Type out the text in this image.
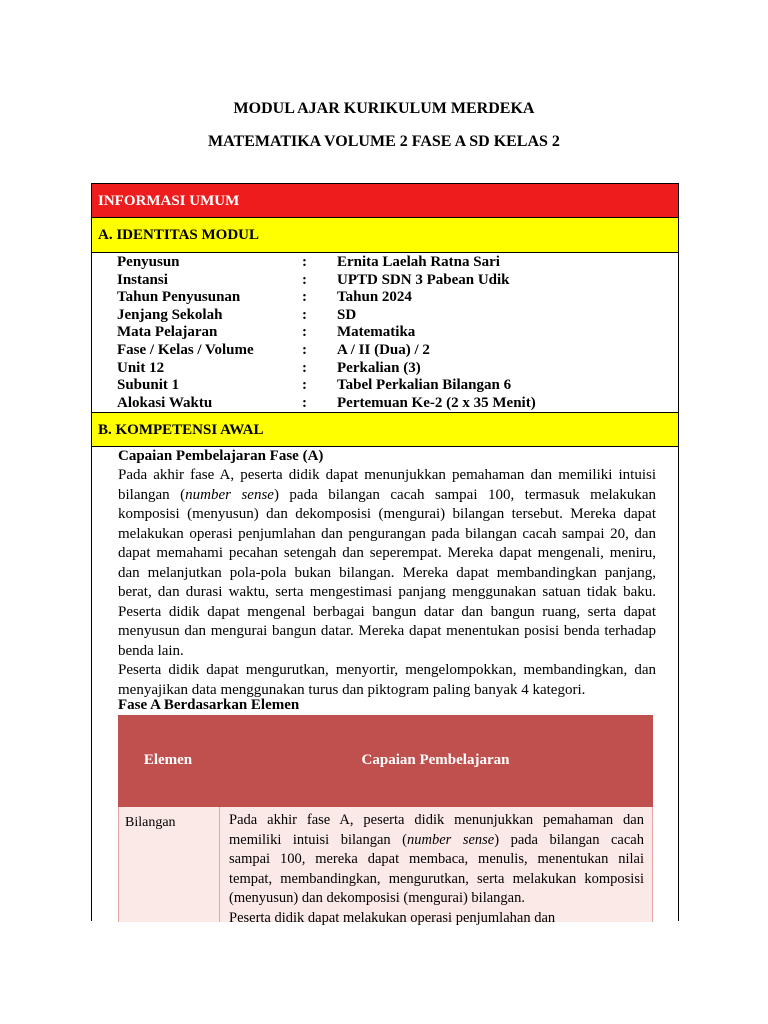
MODUL AJAR KURIKULUM MERDEKA
MATEMATIKA VOLUME 2 FASE A SD KELAS 2
INFORMASI UMUM
A. IDENTITAS MODUL
Penyusun	: Ernita Laelah Ratna Sari
Instansi	: UPTD SDN 3 Pabean Udik
Tahun Penyusunan	: Tahun 2024
Jenjang Sekolah	: SD
Mata Pelajaran	: Matematika
Fase / Kelas / Volume	: A / II (Dua) / 2
Unit 12	: Perkalian (3)
Subunit 1	: Tabel Perkalian Bilangan 6
Alokasi Waktu	: Pertemuan Ke-2 (2 x 35 Menit)
B. KOMPETENSI AWAL
Capaian Pembelajaran Fase (A)
Pada akhir fase A, peserta didik dapat menunjukkan pemahaman dan memiliki intuisi
bilangan (number sense) pada bilangan cacah sampai 100, termasuk melakukan
komposisi (menyusun) dan dekomposisi (mengurai) bilangan tersebut. Mereka dapat
melakukan operasi penjumlahan dan pengurangan pada bilangan cacah sampai 20, dan
dapat memahami pecahan setengah dan seperempat. Mereka dapat mengenali, meniru,
dan melanjutkan pola-pola bukan bilangan. Mereka dapat membandingkan panjang,
berat, dan durasi waktu, serta mengestimasi panjang menggunakan satuan tidak baku.
Peserta didik dapat mengenal berbagai bangun datar dan bangun ruang, serta dapat
menyusun dan mengurai bangun datar. Mereka dapat menentukan posisi benda terhadap
benda lain.
Peserta didik dapat mengurutkan, menyortir, mengelompokkan, membandingkan, dan
menyajikan data menggunakan turus dan piktogram paling banyak 4 kategori.
Fase A Berdasarkan Elemen
Elemen	Capaian Pembelajaran
Bilangan	Pada akhir fase A, peserta didik menunjukkan pemahaman dan
memiliki intuisi bilangan (number sense) pada bilangan cacah
sampai 100, mereka dapat membaca, menulis, menentukan nilai
tempat, membandingkan, mengurutkan, serta melakukan komposisi
(menyusun) dan dekomposisi (mengurai) bilangan.
Peserta didik dapat melakukan operasi penjumlahan dan
